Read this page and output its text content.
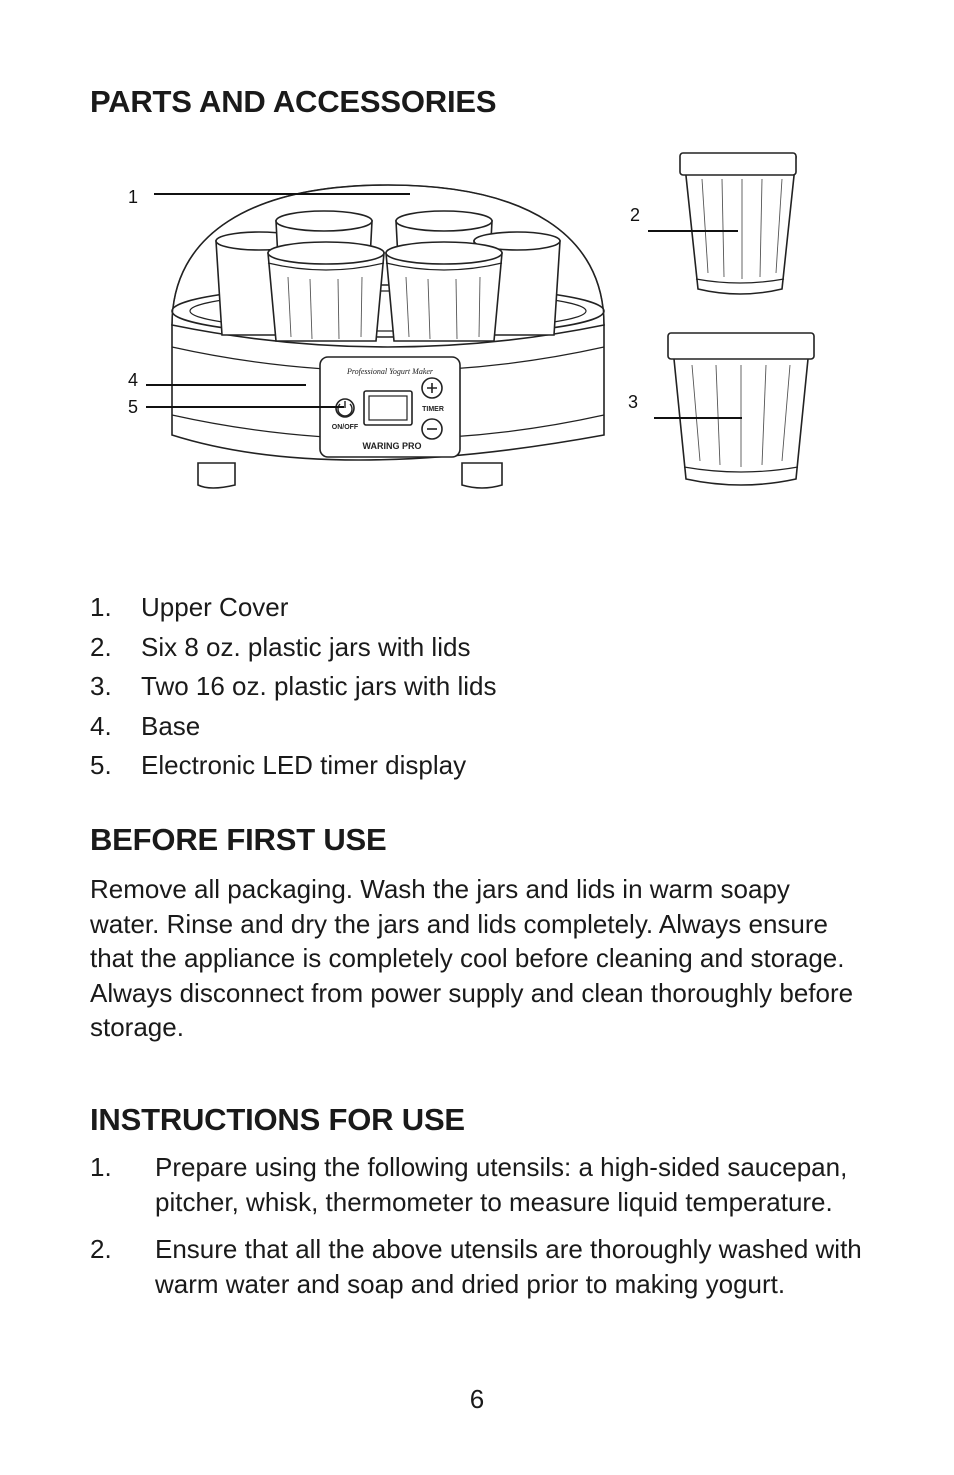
PARTS AND ACCESSORIES
Professional Yogurt Maker
ON/OFF
TIMER
WARING PRO
1
2
3
4
5
1. Upper Cover
2. Six 8 oz. plastic jars with lids
3. Two 16 oz. plastic jars with lids
4. Base
5. Electronic LED timer display
BEFORE FIRST USE

Remove all packaging. Wash the jars and lids in warm soapy water. Rinse and dry the jars and lids completely. Always ensure that the appliance is completely cool before cleaning and storage. Always disconnect from power supply and clean thoroughly before storage.

INSTRUCTIONS FOR USE
1. Prepare using the following utensils: a high-sided saucepan, pitcher, whisk, thermometer to measure liquid temperature.
2. Ensure that all the above utensils are thoroughly washed with warm water and soap and dried prior to making yogurt.
6
